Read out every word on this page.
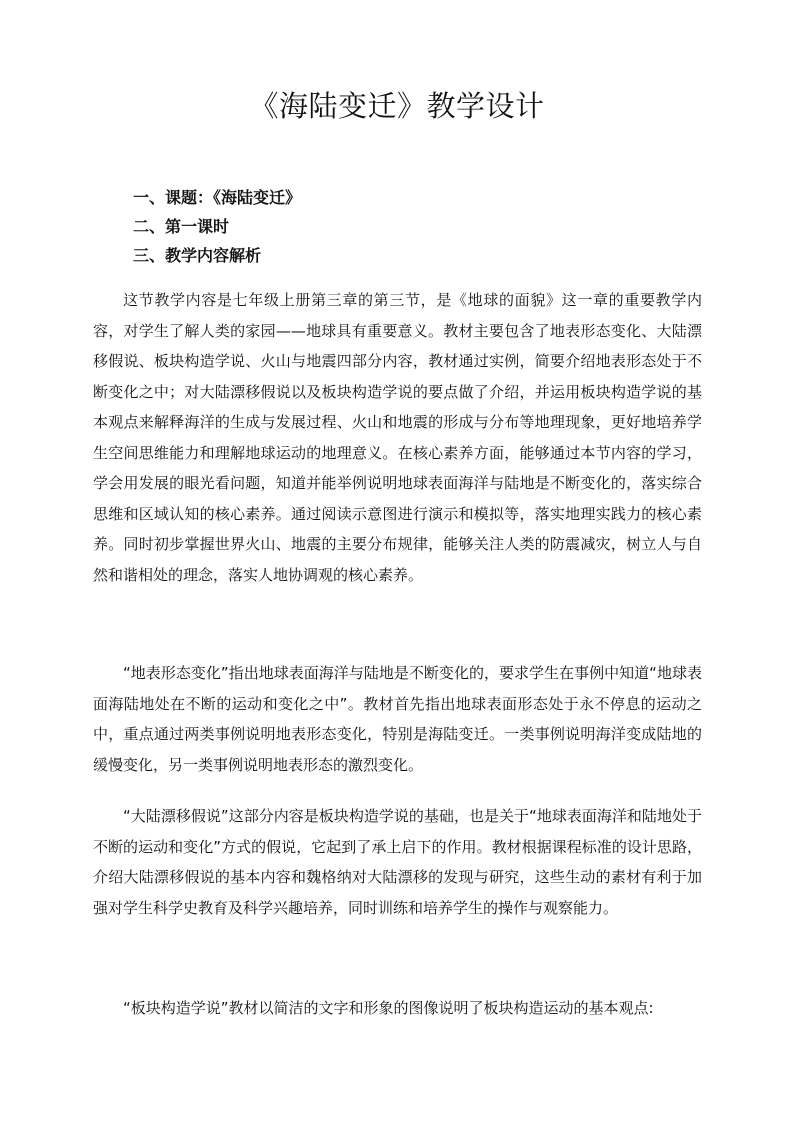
《海陆变迁》教学设计
一、课题：《海陆变迁》
二、第一课时
三、教学内容解析

这节教学内容是七年级上册第三章的第三节，是《地球的面貌》这一章的重要教学内容，对学生了解人类的家园——地球具有重要意义。教材主要包含了地表形态变化、大陆漂移假说、板块构造学说、火山与地震四部分内容，教材通过实例，简要介绍地表形态处于不断变化之中；对大陆漂移假说以及板块构造学说的要点做了介绍，并运用板块构造学说的基本观点来解释海洋的生成与发展过程、火山和地震的形成与分布等地理现象，更好地培养学生空间思维能力和理解地球运动的地理意义。在核心素养方面，能够通过本节内容的学习，学会用发展的眼光看问题，知道并能举例说明地球表面海洋与陆地是不断变化的，落实综合思维和区域认知的核心素养。通过阅读示意图进行演示和模拟等，落实地理实践力的核心素养。同时初步掌握世界火山、地震的主要分布规律，能够关注人类的防震减灾，树立人与自然和谐相处的理念，落实人地协调观的核心素养。

“地表形态变化”指出地球表面海洋与陆地是不断变化的，要求学生在事例中知道“地球表面海陆地处在不断的运动和变化之中”。教材首先指出地球表面形态处于永不停息的运动之中，重点通过两类事例说明地表形态变化，特别是海陆变迁。一类事例说明海洋变成陆地的缓慢变化，另一类事例说明地表形态的激烈变化。

“大陆漂移假说”这部分内容是板块构造学说的基础，也是关于“地球表面海洋和陆地处于不断的运动和变化”方式的假说，它起到了承上启下的作用。教材根据课程标准的设计思路，介绍大陆漂移假说的基本内容和魏格纳对大陆漂移的发现与研究，这些生动的素材有利于加强对学生科学史教育及科学兴趣培养，同时训练和培养学生的操作与观察能力。

“板块构造学说”教材以简洁的文字和形象的图像说明了板块构造运动的基本观点:
